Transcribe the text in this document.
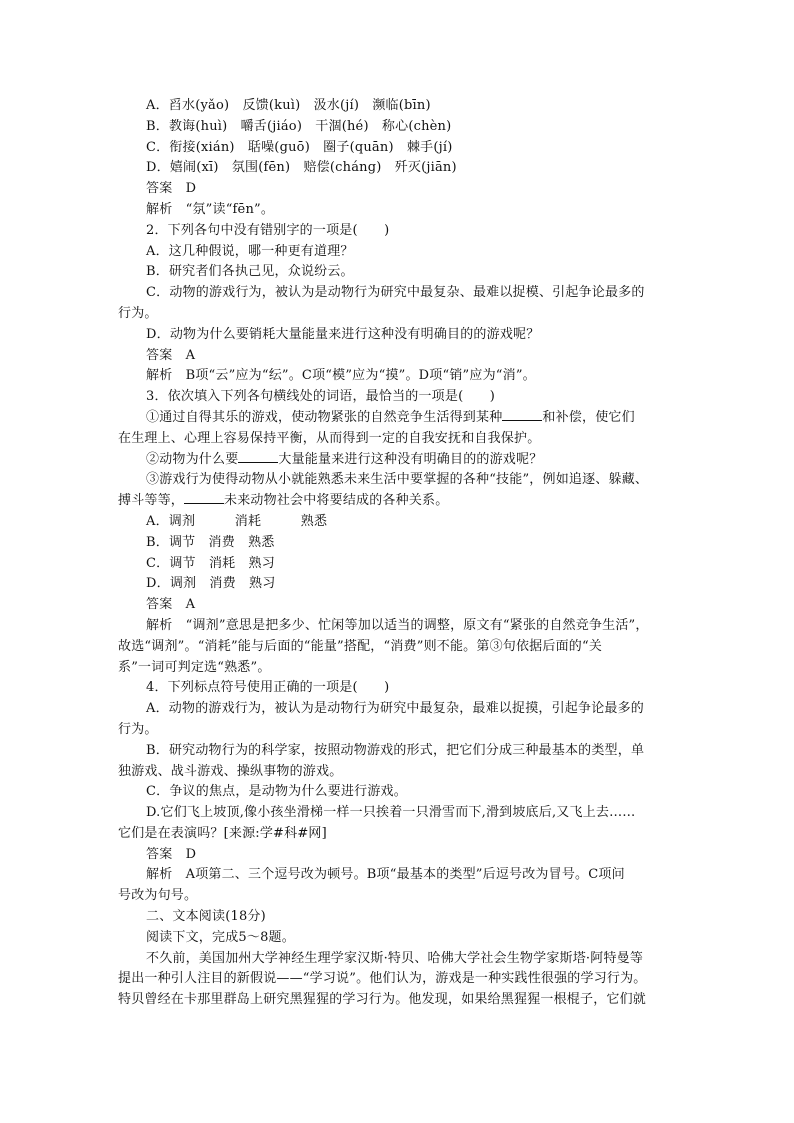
A．舀水(yǎo)　反馈(kuì)　汲水(jí)　濒临(bīn)
B．教诲(huì)　嚼舌(jiáo)　干涸(hé)　称心(chèn)
C．衔接(xián)　聒噪(guō)　圈子(quān)　棘手(jí)
D．嬉闹(xī)　氛围(fēn)　赔偿(cháng)　歼灭(jiān)
答案　D
解析　“氛”读“fēn”。
2．下列各句中没有错别字的一项是(　　)
A．这几种假说，哪一种更有道理？
B．研究者们各执己见，众说纷云。
C．动物的游戏行为，被认为是动物行为研究中最复杂、最难以捉模、引起争论最多的
行为。
D．动物为什么要销耗大量能量来进行这种没有明确目的的游戏呢？
答案　A
解析　B项“云”应为“纭”。C项“模”应为“摸”。D项“销”应为“消”。
3．依次填入下列各句横线处的词语，最恰当的一项是(　　)
①通过自得其乐的游戏，使动物紧张的自然竞争生活得到某种	和补偿，使它们
在生理上、心理上容易保持平衡，从而得到一定的自我安抚和自我保护。
②动物为什么要	大量能量来进行这种没有明确目的的游戏呢？
③游戏行为使得动物从小就能熟悉未来生活中要掌握的各种“技能”，例如追逐、躲藏、
搏斗等等，	未来动物社会中将要结成的各种关系。
A．调剂　　　消耗　　　熟悉
B．调节　消费　熟悉
C．调节　消耗　熟习
D．调剂　消费　熟习
答案　A
解析　“调剂”意思是把多少、忙闲等加以适当的调整，原文有“紧张的自然竞争生活”，
故选“调剂”。“消耗”能与后面的“能量”搭配，“消费”则不能。第③句依据后面的“关
系”一词可判定选“熟悉”。
4．下列标点符号使用正确的一项是(　　)
A．动物的游戏行为，被认为是动物行为研究中最复杂，最难以捉摸，引起争论最多的
行为。
B．研究动物行为的科学家，按照动物游戏的形式，把它们分成三种最基本的类型，单
独游戏、战斗游戏、操纵事物的游戏。
C．争议的焦点，是动物为什么要进行游戏。
D.它们飞上坡顶,像小孩坐滑梯一样一只挨着一只滑雪而下,滑到坡底后,又飞上去……
它们是在表演吗？[来源:学#科#网]
答案　D
解析　A项第二、三个逗号改为顿号。B项“最基本的类型”后逗号改为冒号。C项问
号改为句号。
二、文本阅读(18分)
阅读下文，完成5～8题。
不久前，美国加州大学神经生理学家汉斯·特贝、哈佛大学社会生物学家斯塔·阿特曼等
提出一种引人注目的新假说——“学习说”。他们认为，游戏是一种实践性很强的学习行为。
特贝曾经在卡那里群岛上研究黑猩猩的学习行为。他发现，如果给黑猩猩一根棍子，它们就
